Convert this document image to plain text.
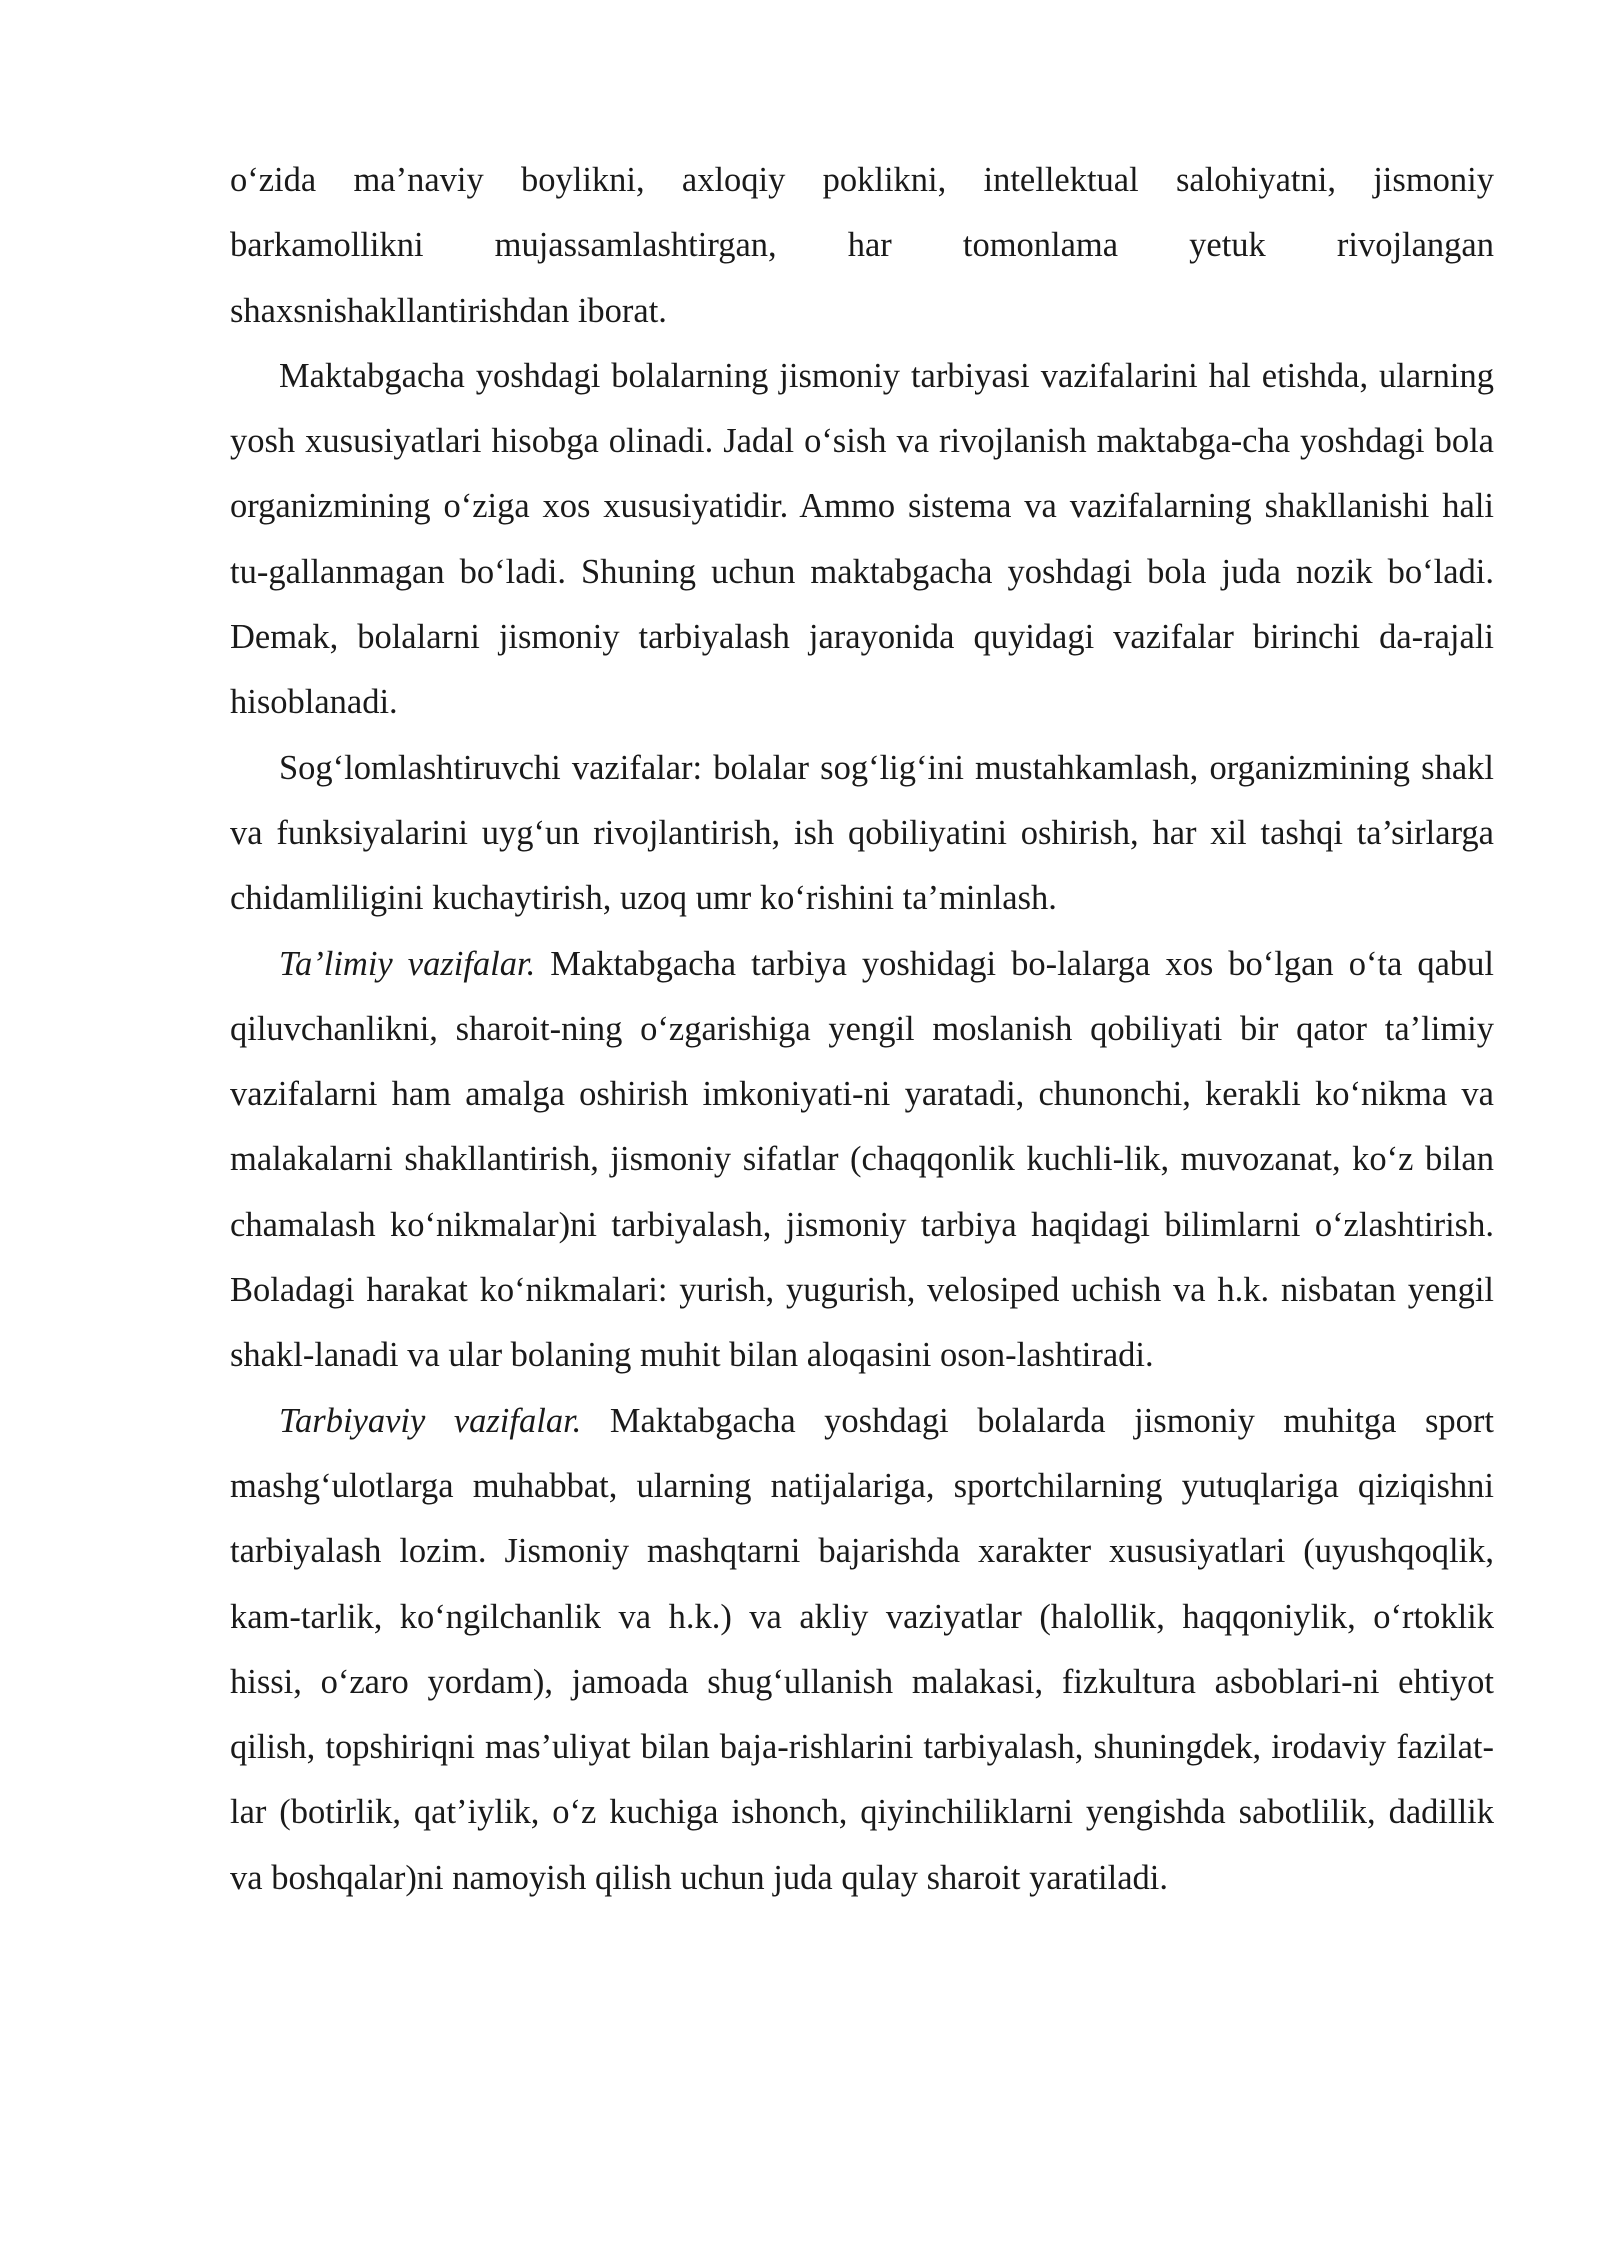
o‘zida ma’naviy boylikni, axloqiy poklikni, intellektual salohiyatni, jismoniy barkamollikni mujassamlashtirgan, har tomonlama yetuk rivojlangan shaxsnishakllantirishdan iborat.

Maktabgacha yoshdagi bolalarning jismoniy tarbiyasi vazifalarini hal etishda, ularning yosh xususiyatlari hisobga olinadi. Jadal o‘sish va rivojlanish maktabga-cha yoshdagi bola organizmining o‘ziga xos xususiyatidir. Ammo sistema va vazifalarning shakllanishi hali tu-gallanmagan bo‘ladi. Shuning uchun maktabgacha yoshdagi bola juda nozik bo‘ladi. Demak, bolalarni jismoniy tarbiyalash jarayonida quyidagi vazifalar birinchi da-rajali hisoblanadi.

Sog‘lomlashtiruvchi vazifalar: bolalar sog‘lig‘ini mustahkamlash, organizmining shakl va funksiyalarini uyg‘un rivojlantirish, ish qobiliyatini oshirish, har xil tashqi ta’sirlarga chidamliligini kuchaytirish, uzoq umr ko‘rishini ta’minlash.

Ta’limiy vazifalar. Maktabgacha tarbiya yoshidagi bo-lalarga xos bo‘lgan o‘ta qabul qiluvchanlikni, sharoit-ning o‘zgarishiga yengil moslanish qobiliyati bir qator ta’limiy vazifalarni ham amalga oshirish imkoniyati-ni yaratadi, chunonchi, kerakli ko‘nikma va malakalarni shakllantirish, jismoniy sifatlar (chaqqonlik kuchli-lik, muvozanat, ko‘z bilan chamalash ko‘nikmalar)ni tarbiyalash, jismoniy tarbiya haqidagi bilimlarni o‘zlashtirish. Boladagi harakat ko‘nikmalari: yurish, yugurish, velosiped uchish va h.k. nisbatan yengil shakl-lanadi va ular bolaning muhit bilan aloqasini oson-lashtiradi.

Tarbiyaviy vazifalar. Maktabgacha yoshdagi bolalarda jismoniy muhitga sport mashg‘ulotlarga muhabbat, ularning natijalariga, sportchilarning yutuqlariga qiziqishni tarbiyalash lozim. Jismoniy mashqtarni bajarishda xarakter xususiyatlari (uyushqoqlik, kam-tarlik, ko‘ngilchanlik va h.k.) va akliy vaziyatlar (halollik, haqqoniylik, o‘rtoklik hissi, o‘zaro yordam), jamoada shug‘ullanish malakasi, fizkultura asboblari-ni ehtiyot qilish, topshiriqni mas’uliyat bilan baja-rishlarini tarbiyalash, shuningdek, irodaviy fazilat-lar (botirlik, qat’iylik, o‘z kuchiga ishonch, qiyinchiliklarni yengishda sabotlilik, dadillik va boshqalar)ni namoyish qilish uchun juda qulay sharoit yaratiladi.
